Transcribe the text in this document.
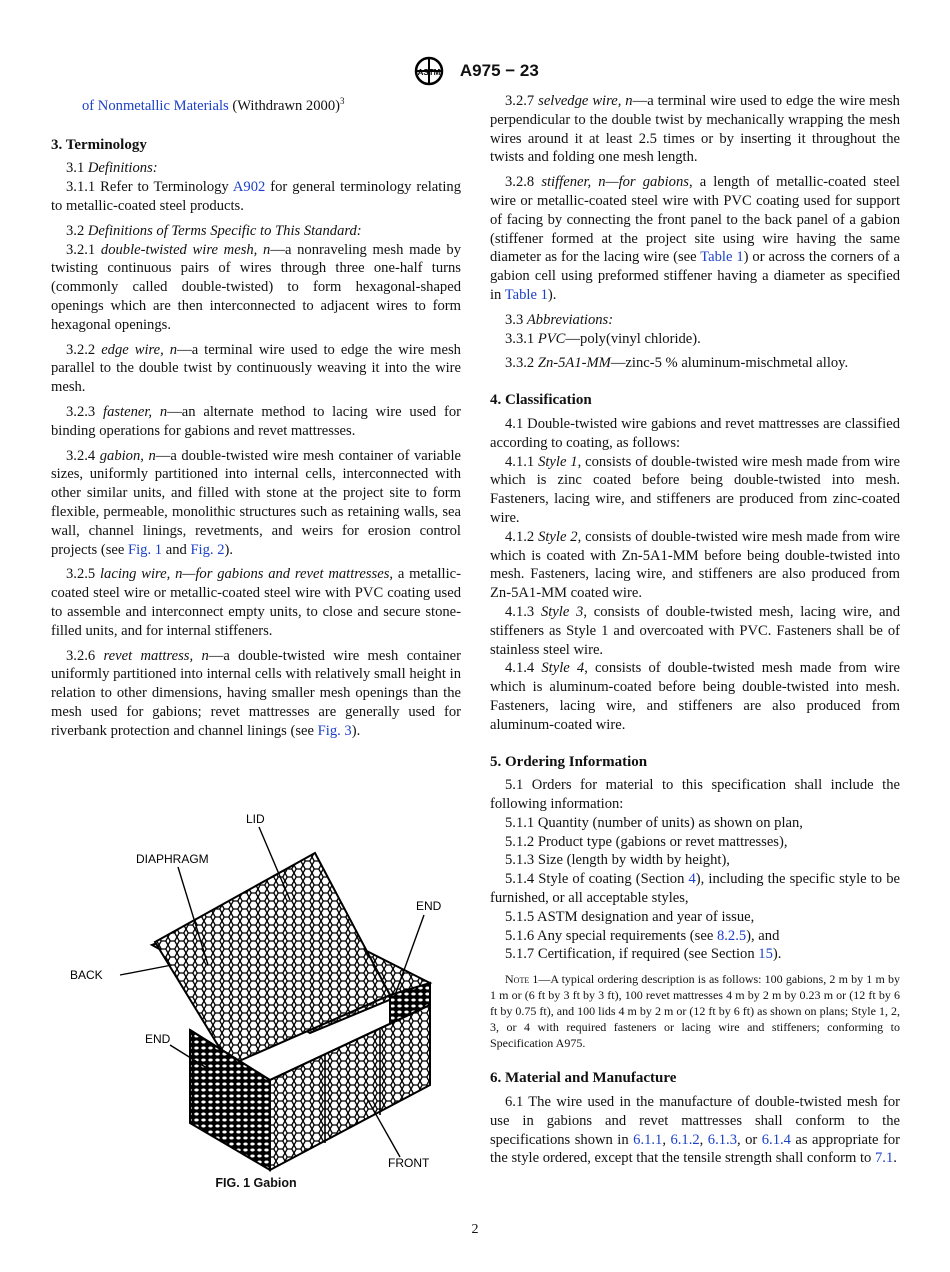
ASTM A975 − 23

of Nonmetallic Materials (Withdrawn 2000)$^3$

3. Terminology

3.1 Definitions:

3.1.1 Refer to Terminology A902 for general terminology relating to metallic-coated steel products.

3.2 Definitions of Terms Specific to This Standard:

3.2.1 double-twisted wire mesh, n—a nonraveling mesh made by twisting continuous pairs of wires through three one-half turns (commonly called double-twisted) to form hexagonal-shaped openings which are then interconnected to adjacent wires to form hexagonal openings.

3.2.2 edge wire, n—a terminal wire used to edge the wire mesh parallel to the double twist by continuously weaving it into the wire mesh.

3.2.3 fastener, n—an alternate method to lacing wire used for binding operations for gabions and revet mattresses.

3.2.4 gabion, n—a double-twisted wire mesh container of variable sizes, uniformly partitioned into internal cells, interconnected with other similar units, and filled with stone at the project site to form flexible, permeable, monolithic structures such as retaining walls, sea wall, channel linings, revetments, and weirs for erosion control projects (see Fig. 1 and Fig. 2).

3.2.5 lacing wire, n—for gabions and revet mattresses, a metallic-coated steel wire or metallic-coated steel wire with PVC coating used to assemble and interconnect empty units, to close and secure stone-filled units, and for internal stiffeners.

3.2.6 revet mattress, n—a double-twisted wire mesh container uniformly partitioned into internal cells with relatively small height in relation to other dimensions, having smaller mesh openings than the mesh used for gabions; revet mattresses are generally used for riverbank protection and channel linings (see Fig. 3).

LID
DIAPHRAGM
END
BACK
END
FRONT
FIG. 1 Gabion

3.2.7 selvedge wire, n—a terminal wire used to edge the wire mesh perpendicular to the double twist by mechanically wrapping the mesh wires around it at least 2.5 times or by inserting it throughout the twists and folding one mesh length.

3.2.8 stiffener, n—for gabions, a length of metallic-coated steel wire or metallic-coated steel wire with PVC coating used for support of facing by connecting the front panel to the back panel of a gabion (stiffener formed at the project site using wire having the same diameter as for the lacing wire (see Table 1) or across the corners of a gabion cell using preformed stiffener having a diameter as specified in Table 1).

3.3 Abbreviations:

3.3.1 PVC—poly(vinyl chloride).

3.3.2 Zn-5A1-MM—zinc-5 % aluminum-mischmetal alloy.

4. Classification

4.1 Double-twisted wire gabions and revet mattresses are classified according to coating, as follows:

4.1.1 Style 1, consists of double-twisted wire mesh made from wire which is zinc coated before being double-twisted into mesh. Fasteners, lacing wire, and stiffeners are produced from zinc-coated wire.

4.1.2 Style 2, consists of double-twisted wire mesh made from wire which is coated with Zn-5A1-MM before being double-twisted into mesh. Fasteners, lacing wire, and stiffeners are also produced from Zn-5A1-MM coated wire.

4.1.3 Style 3, consists of double-twisted mesh, lacing wire, and stiffeners as Style 1 and overcoated with PVC. Fasteners shall be of stainless steel wire.

4.1.4 Style 4, consists of double-twisted mesh made from wire which is aluminum-coated before being double-twisted into mesh. Fasteners, lacing wire, and stiffeners are also produced from aluminum-coated wire.

5. Ordering Information

5.1 Orders for material to this specification shall include the following information:

5.1.1 Quantity (number of units) as shown on plan,

5.1.2 Product type (gabions or revet mattresses),

5.1.3 Size (length by width by height),

5.1.4 Style of coating (Section 4), including the specific style to be furnished, or all acceptable styles,

5.1.5 ASTM designation and year of issue,

5.1.6 Any special requirements (see 8.2.5), and

5.1.7 Certification, if required (see Section 15).

Note 1—A typical ordering description is as follows: 100 gabions, 2 m by 1 m by 1 m or (6 ft by 3 ft by 3 ft), 100 revet mattresses 4 m by 2 m by 0.23 m or (12 ft by 6 ft by 0.75 ft), and 100 lids 4 m by 2 m or (12 ft by 6 ft) as shown on plans; Style 1, 2, 3, or 4 with required fasteners or lacing wire and stiffeners; conforming to Specification A975.
6. Material and Manufacture

6.1 The wire used in the manufacture of double-twisted mesh for use in gabions and revet mattresses shall conform to the specifications shown in 6.1.1, 6.1.2, 6.1.3, or 6.1.4 as appropriate for the style ordered, except that the tensile strength shall conform to 7.1.

2
